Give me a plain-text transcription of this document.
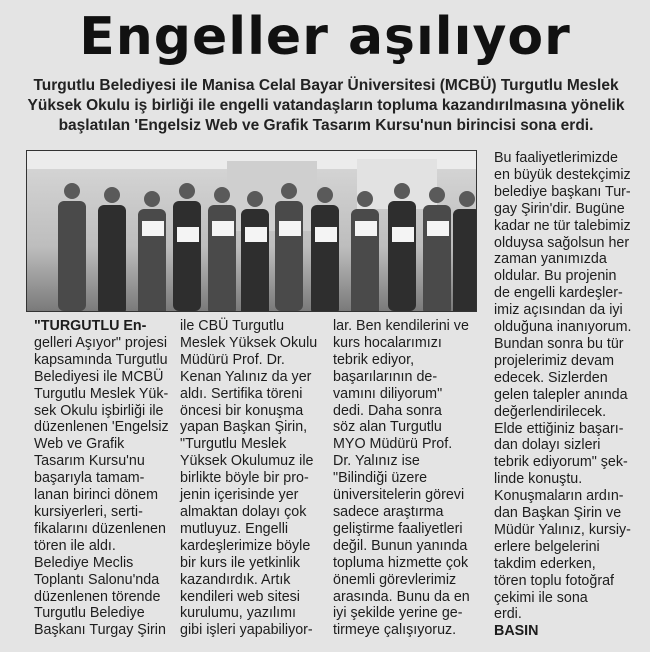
Engeller aşılıyor

Turgutlu Belediyesi ile Manisa Celal Bayar Üniversitesi (MCBÜ) Turgutlu Meslek

Yüksek Okulu iş birliği ile engelli vatandaşların topluma kazandırılmasına yönelik

başlatılan 'Engelsiz Web ve Grafik Tasarım Kursu'nun birincisi sona erdi.

"TURGUTLU En-

gelleri Aşıyor" projesi

kapsamında Turgutlu

Belediyesi ile MCBÜ

Turgutlu Meslek Yük-

sek Okulu işbirliği ile

düzenlenen 'Engelsiz

Web ve Grafik

Tasarım Kursu'nu

başarıyla tamam-

lanan birinci dönem

kursiyerleri, serti-

fikalarını düzenlenen

tören ile aldı.

Belediye Meclis

Toplantı Salonu'nda

düzenlenen törende

Turgutlu Belediye

Başkanı Turgay Şirin

ile CBÜ Turgutlu

Meslek Yüksek Okulu

Müdürü Prof. Dr.

Kenan Yalınız da yer

aldı. Sertifika töreni

öncesi bir konuşma

yapan Başkan Şirin,

"Turgutlu Meslek

Yüksek Okulumuz ile

birlikte böyle bir pro-

jenin içerisinde yer

almaktan dolayı çok

mutluyuz. Engelli

kardeşlerimize böyle

bir kurs ile yetkinlik

kazandırdık. Artık

kendileri web sitesi

kurulumu, yazılımı

gibi işleri yapabiliyor-

lar. Ben kendilerini ve

kurs hocalarımızı

tebrik ediyor,

başarılarının de-

vamını diliyorum"

dedi. Daha sonra

söz alan Turgutlu

MYO Müdürü Prof.

Dr. Yalınız ise

"Bilindiği üzere

üniversitelerin görevi

sadece araştırma

geliştirme faaliyetleri

değil. Bunun yanında

topluma hizmette çok

önemli görevlerimiz

arasında. Bunu da en

iyi şekilde yerine ge-

tirmeye çalışıyoruz.

Bu faaliyetlerimizde

en büyük destekçimiz

belediye başkanı Tur-

gay Şirin'dir. Bugüne

kadar ne tür talebimiz

olduysa sağolsun her

zaman yanımızda

oldular. Bu projenin

de engelli kardeşler-

imiz açısından da iyi

olduğuna inanıyorum.

Bundan sonra bu tür

projelerimiz devam

edecek. Sizlerden

gelen talepler anında

değerlendirilecek.

Elde ettiğiniz başarı-

dan dolayı sizleri

tebrik ediyorum" şek-

linde konuştu.

Konuşmaların ardın-

dan Başkan Şirin ve

Müdür Yalınız, kursiy-

erlere belgelerini

takdim ederken,

tören toplu fotoğraf

çekimi ile sona

erdi.

BASIN
